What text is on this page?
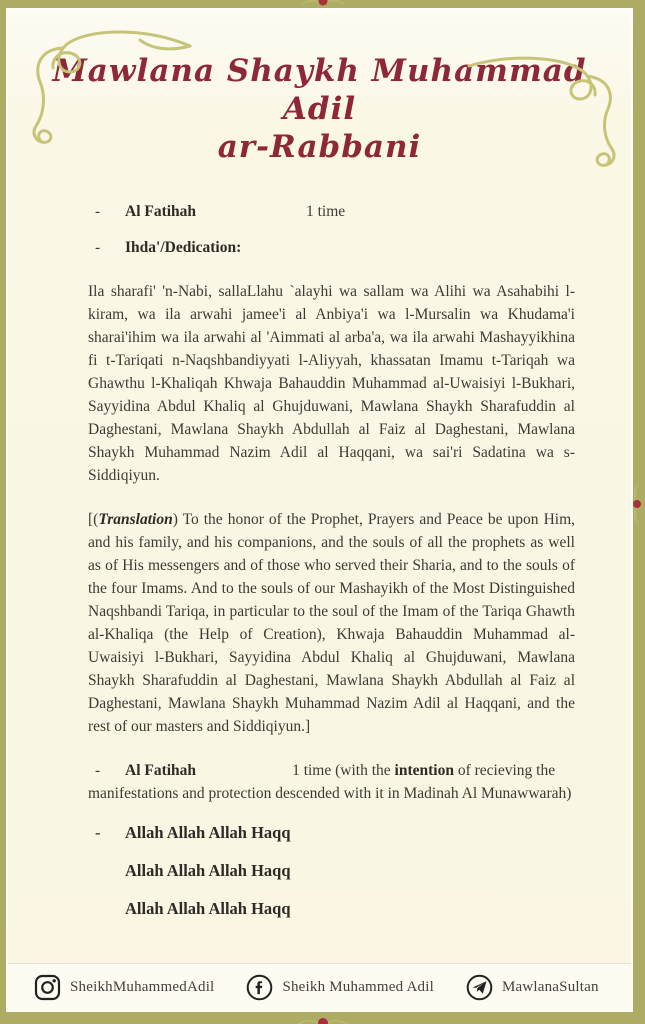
Mawlana Shaykh Muhammad Adil
ar-Rabbani
-	Al Fatihah	1 time
-	Ihda'/Dedication:

Ila sharafi' 'n-Nabi, sallaLlahu `alayhi wa sallam wa Alihi wa Asahabihi l-kiram, wa ila arwahi jamee'i al Anbiya'i wa l-Mursalin wa Khudama'i sharai'ihim wa ila arwahi al 'Aimmati al arba'a, wa ila arwahi Mashayyikhina fi t-Tariqati n-Naqshbandiyyati l-Aliyyah, khassatan Imamu t-Tariqah wa Ghawthu l-Khaliqah Khwaja Bahauddin Muhammad al-Uwaisiyi l-Bukhari, Sayyidina Abdul Khaliq al Ghujduwani, Mawlana Shaykh Sharafuddin al Daghestani, Mawlana Shaykh Abdullah al Faiz al Daghestani, Mawlana Shaykh Muhammad Nazim Adil al Haqqani, wa sai'ri Sadatina wa s-Siddiqiyun.

[(Translation) To the honor of the Prophet, Prayers and Peace be upon Him, and his family, and his companions, and the souls of all the prophets as well as of His messengers and of those who served their Sharia, and to the souls of the four Imams. And to the souls of our Mashayikh of the Most Distinguished Naqshbandi Tariqa, in particular to the soul of the Imam of the Tariqa Ghawth al-Khaliqa (the Help of Creation), Khwaja Bahauddin Muhammad al-Uwaisiyi l-Bukhari, Sayyidina Abdul Khaliq al Ghujduwani, Mawlana Shaykh Sharafuddin al Daghestani, Mawlana Shaykh Abdullah al Faiz al Daghestani, Mawlana Shaykh Muhammad Nazim Adil al Haqqani, and the rest of our masters and Siddiqiyun.]

- Al Fatihah	1 time (with the intention of recieving the manifestations and protection descended with it in Madinah Al Munawwarah)

-	Allah Allah Allah Haqq
Allah Allah Allah Haqq
Allah Allah Allah Haqq
SheikhMuhammedAdil	Sheikh Muhammed Adil	MawlanaSultan
